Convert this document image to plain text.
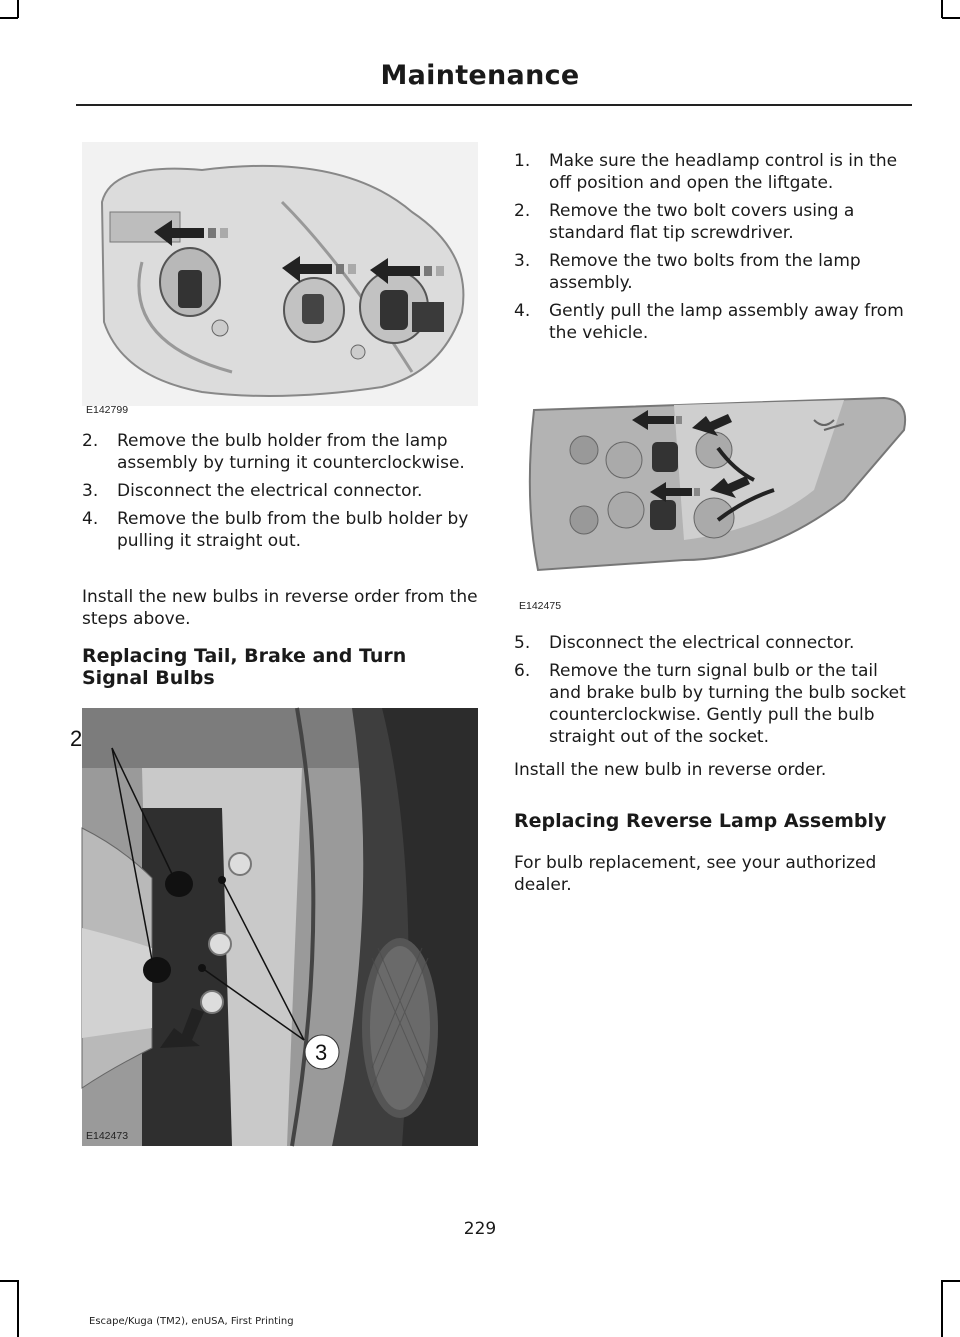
Maintenance
E142799
2. Remove the bulb holder from the lamp assembly by turning it counterclockwise.
3. Disconnect the electrical connector.
4. Remove the bulb from the bulb holder by pulling it straight out.

Install the new bulbs in reverse order from the steps above.

Replacing Tail, Brake and Turn Signal Bulbs
2
3
E142473
1. Make sure the headlamp control is in the off position and open the liftgate.
2. Remove the two bolt covers using a standard flat tip screwdriver.
3. Remove the two bolts from the lamp assembly.
4. Gently pull the lamp assembly away from the vehicle.
E142475
5. Disconnect the electrical connector.
6. Remove the turn signal bulb or the tail and brake bulb by turning the bulb socket counterclockwise. Gently pull the bulb straight out of the socket.

Install the new bulb in reverse order.

Replacing Reverse Lamp Assembly

For bulb replacement, see your authorized dealer.

229
Escape/Kuga (TM2), enUSA, First Printing
